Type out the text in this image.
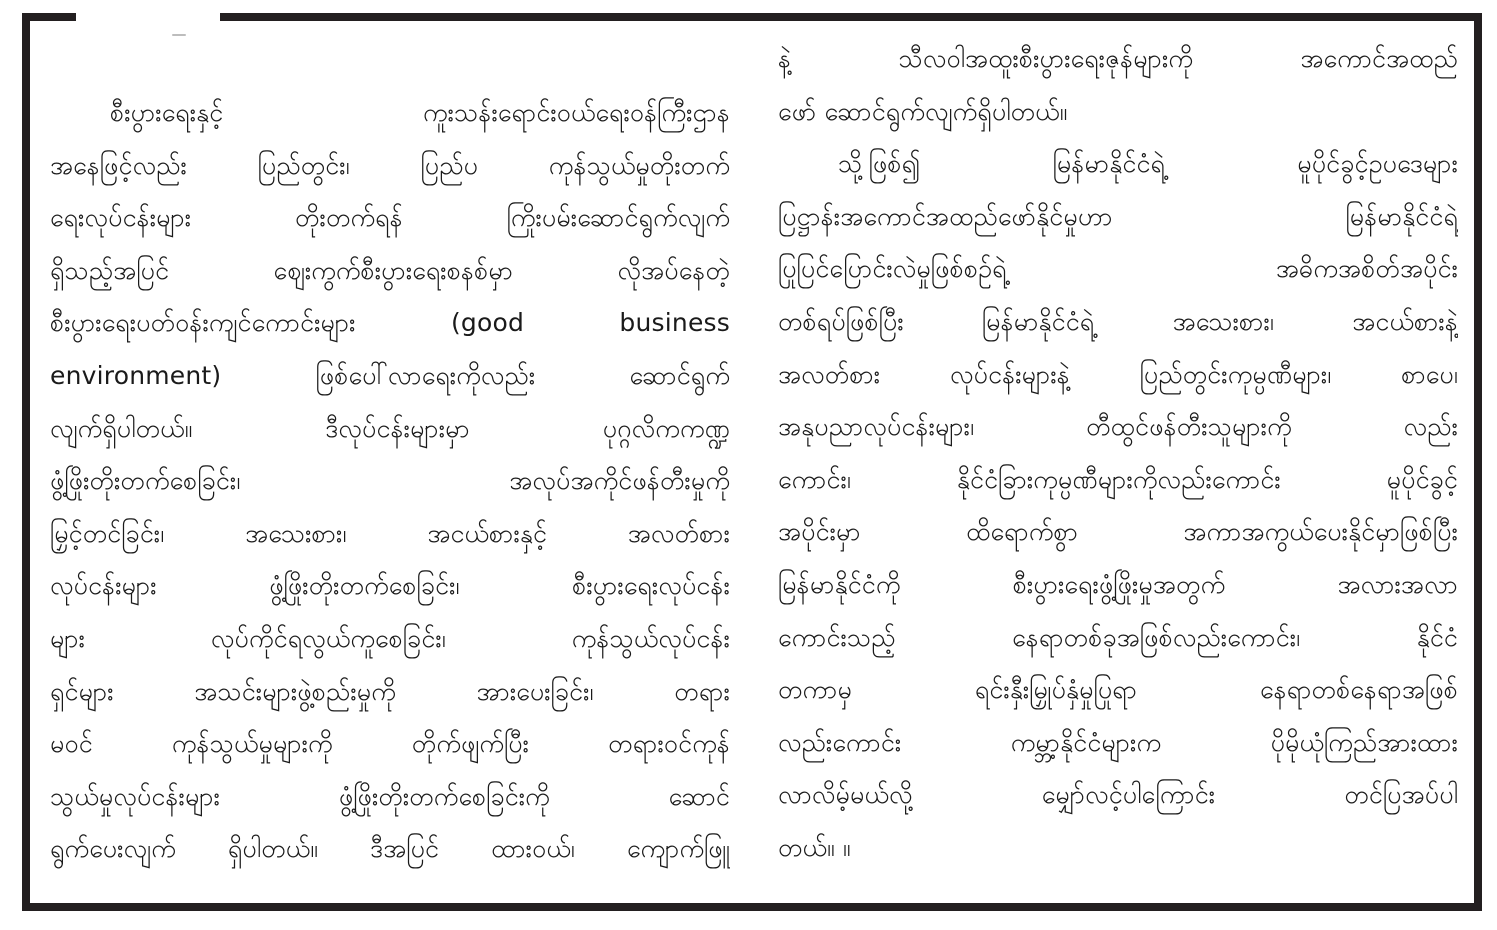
စီးပွားရေးနှင့် ကူးသန်းရောင်းဝယ်ရေးဝန်ကြီးဌာန
အနေဖြင့်လည်း ပြည်တွင်း၊ ပြည်ပ ကုန်သွယ်မှုတိုးတက်
ရေးလုပ်ငန်းများ တိုးတက်ရန် ကြိုးပမ်းဆောင်ရွက်လျက်
ရှိသည့်အပြင် ဈေးကွက်စီးပွားရေးစနစ်မှာ လိုအပ်နေတဲ့
စီးပွားရေးပတ်ဝန်းကျင်ကောင်းများ (good business
environment) ဖြစ်ပေါ်လာရေးကိုလည်း ဆောင်ရွက်
လျက်ရှိပါတယ်။ ဒီလုပ်ငန်းများမှာ ပုဂ္ဂလိကကဏ္ဍ
ဖွံ့ဖြိုးတိုးတက်စေခြင်း၊ အလုပ်အကိုင်ဖန်တီးမှုကို
မြှင့်တင်ခြင်း၊ အသေးစား၊ အငယ်စားနှင့် အလတ်စား
လုပ်ငန်းများ ဖွံ့ဖြိုးတိုးတက်စေခြင်း၊ စီးပွားရေးလုပ်ငန်း
များ လုပ်ကိုင်ရလွယ်ကူစေခြင်း၊ ကုန်သွယ်လုပ်ငန်း
ရှင်များ အသင်းများဖွဲ့စည်းမှုကို အားပေးခြင်း၊ တရား
မဝင် ကုန်သွယ်မှုများကို တိုက်ဖျက်ပြီး တရားဝင်ကုန်
သွယ်မှုလုပ်ငန်းများ ဖွံ့ဖြိုးတိုးတက်စေခြင်းကို ဆောင်
ရွက်ပေးလျက် ရှိပါတယ်။ ဒီအပြင် ထားဝယ်၊ ကျောက်ဖြူ
နဲ့ သီလဝါအထူးစီးပွားရေးဇုန်များကို အကောင်အထည်
ဖော် ဆောင်ရွက်လျက်ရှိပါတယ်။
သို့ဖြစ်၍ မြန်မာနိုင်ငံရဲ့ မူပိုင်ခွင့်ဥပဒေများ
ပြဋ္ဌာန်းအကောင်အထည်ဖော်နိုင်မှုဟာ မြန်မာနိုင်ငံရဲ့
ပြုပြင်ပြောင်းလဲမှုဖြစ်စဉ်ရဲ့ အဓိကအစိတ်အပိုင်း
တစ်ရပ်ဖြစ်ပြီး မြန်မာနိုင်ငံရဲ့ အသေးစား၊ အငယ်စားနဲ့
အလတ်စား လုပ်ငန်းများနဲ့ ပြည်တွင်းကုမ္ပဏီများ၊ စာပေ၊
အနုပညာလုပ်ငန်းများ၊ တီထွင်ဖန်တီးသူများကို လည်း
ကောင်း၊ နိုင်ငံခြားကုမ္ပဏီများကိုလည်းကောင်း မူပိုင်ခွင့်
အပိုင်းမှာ ထိရောက်စွာ အကာအကွယ်ပေးနိုင်မှာဖြစ်ပြီး
မြန်မာနိုင်ငံကို စီးပွားရေးဖွံ့ဖြိုးမှုအတွက် အလားအလာ
ကောင်းသည့် နေရာတစ်ခုအဖြစ်လည်းကောင်း၊ နိုင်ငံ
တကာမှ ရင်းနှီးမြှုပ်နှံမှုပြုရာ နေရာတစ်နေရာအဖြစ်
လည်းကောင်း ကမ္ဘာ့နိုင်ငံများက ပိုမိုယုံကြည်အားထား
လာလိမ့်မယ်လို့ မျှော်လင့်ပါကြောင်း တင်ပြအပ်ပါ
တယ်။ ။
